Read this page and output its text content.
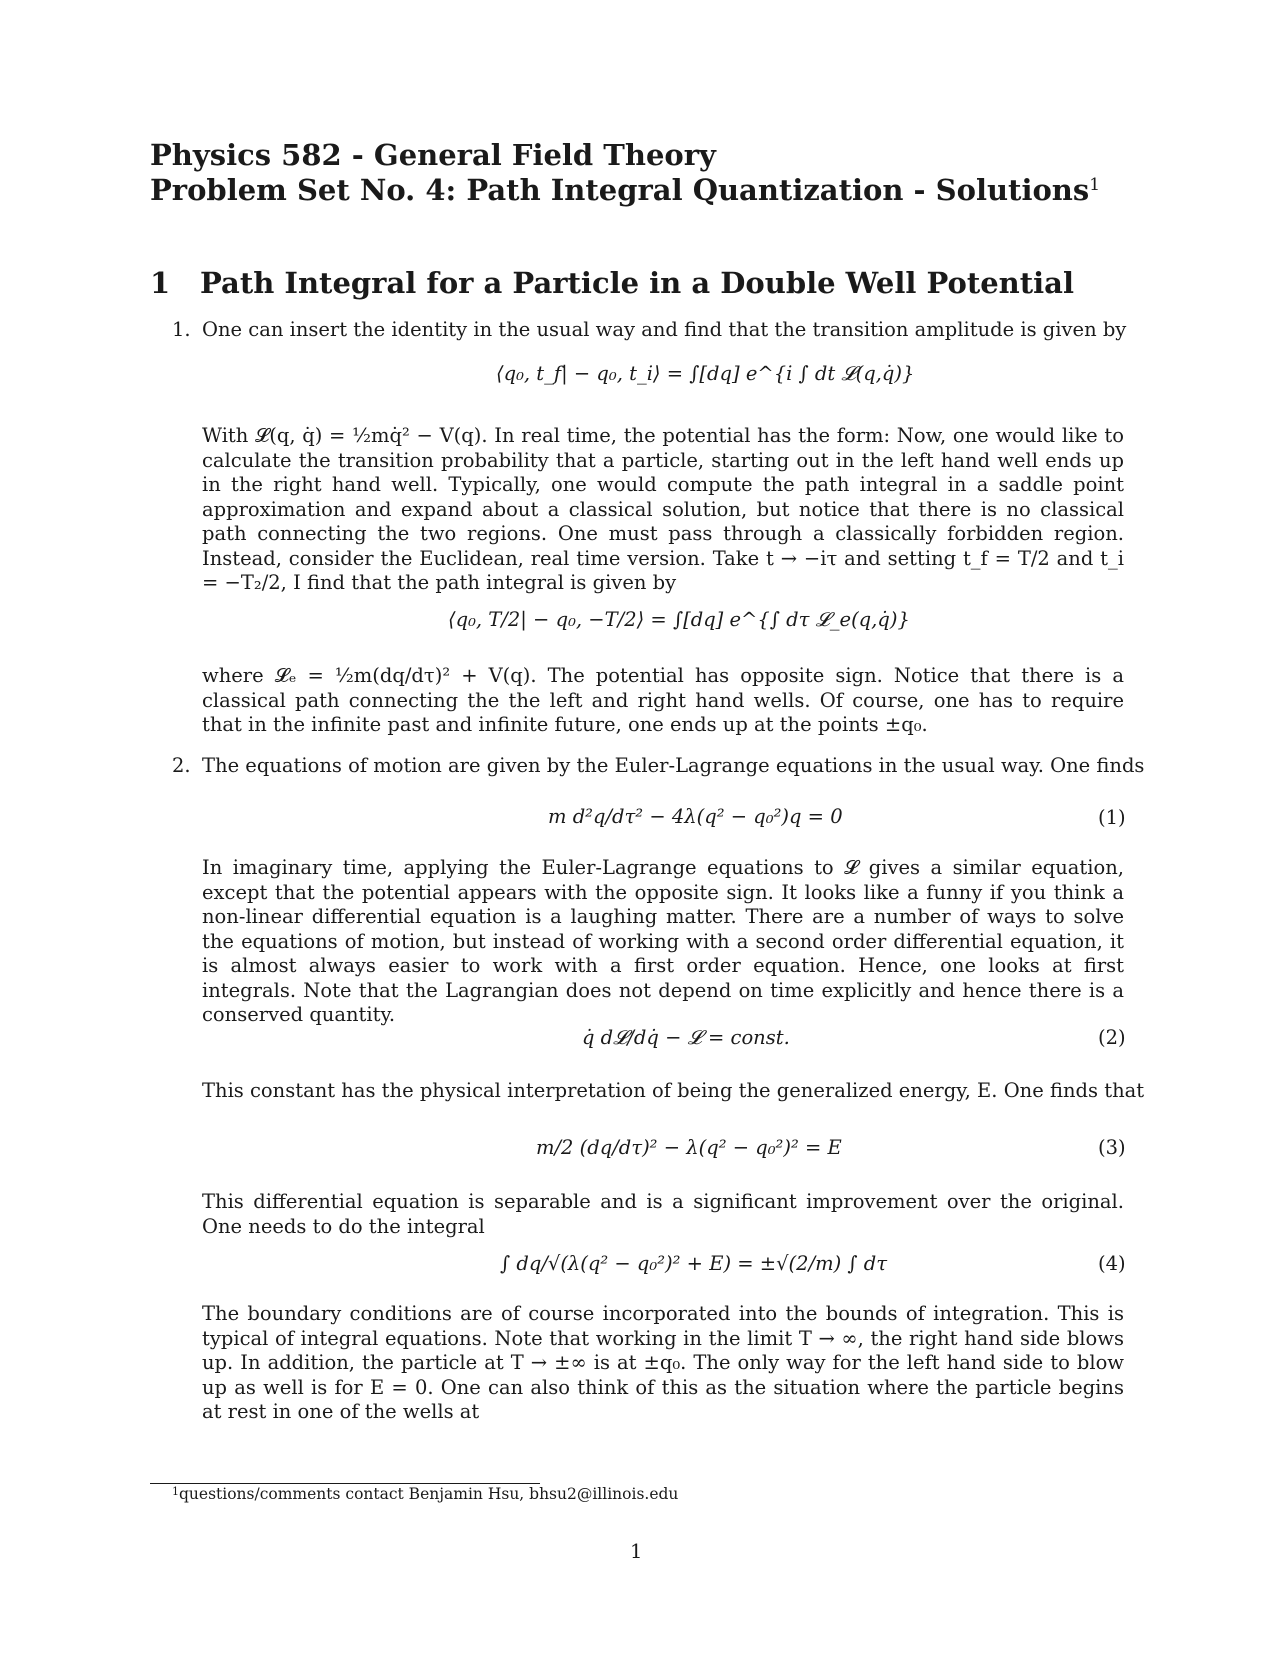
Physics 582 - General Field Theory
Problem Set No. 4: Path Integral Quantization - Solutions$^1$
1 Path Integral for a Particle in a Double Well Potential
1. One can insert the identity in the usual way and find that the transition amplitude is given by
⟨q₀, t_f| − q₀, t_i⟩ = ∫[dq] e^{i ∫ dt 𝓛(q,q̇)}
With 𝓛(q, q̇) = ½mq̇² − V(q). In real time, the potential has the form: Now, one would like to calculate the transition probability that a particle, starting out in the left hand well ends up in the right hand well. Typically, one would compute the path integral in a saddle point approximation and expand about a classical solution, but notice that there is no classical path connecting the two regions. One must pass through a classically forbidden region. Instead, consider the Euclidean, real time version. Take t → −iτ and setting t_f = T/2 and t_i = −T₂/2, I find that the path integral is given by
⟨q₀, T/2| − q₀, −T/2⟩ = ∫[dq] e^{∫ dτ 𝓛_e(q,q̇)}
where 𝓛ₑ = ½m(dq/dτ)² + V(q). The potential has opposite sign. Notice that there is a classical path connecting the the left and right hand wells. Of course, one has to require that in the infinite past and infinite future, one ends up at the points ±q₀.
2. The equations of motion are given by the Euler-Lagrange equations in the usual way. One finds
m d²q/dτ² − 4λ(q² − q₀²)q = 0	(1)
In imaginary time, applying the Euler-Lagrange equations to 𝓛 gives a similar equation, except that the potential appears with the opposite sign. It looks like a funny if you think a non-linear differential equation is a laughing matter. There are a number of ways to solve the equations of motion, but instead of working with a second order differential equation, it is almost always easier to work with a first order equation. Hence, one looks at first integrals. Note that the Lagrangian does not depend on time explicitly and hence there is a conserved quantity.
q̇ d𝓛/dq̇ − 𝓛 = const.	(2)
This constant has the physical interpretation of being the generalized energy, E. One finds that
m/2 (dq/dτ)² − λ(q² − q₀²)² = E	(3)
This differential equation is separable and is a significant improvement over the original. One needs to do the integral
∫ dq/√(λ(q² − q₀²)² + E) = ±√(2/m) ∫ dτ	(4)
The boundary conditions are of course incorporated into the bounds of integration. This is typical of integral equations. Note that working in the limit T → ∞, the right hand side blows up. In addition, the particle at T → ±∞ is at ±q₀. The only way for the left hand side to blow up as well is for E = 0. One can also think of this as the situation where the particle begins at rest in one of the wells at
$^1$questions/comments contact Benjamin Hsu, bhsu2@illinois.edu
1
